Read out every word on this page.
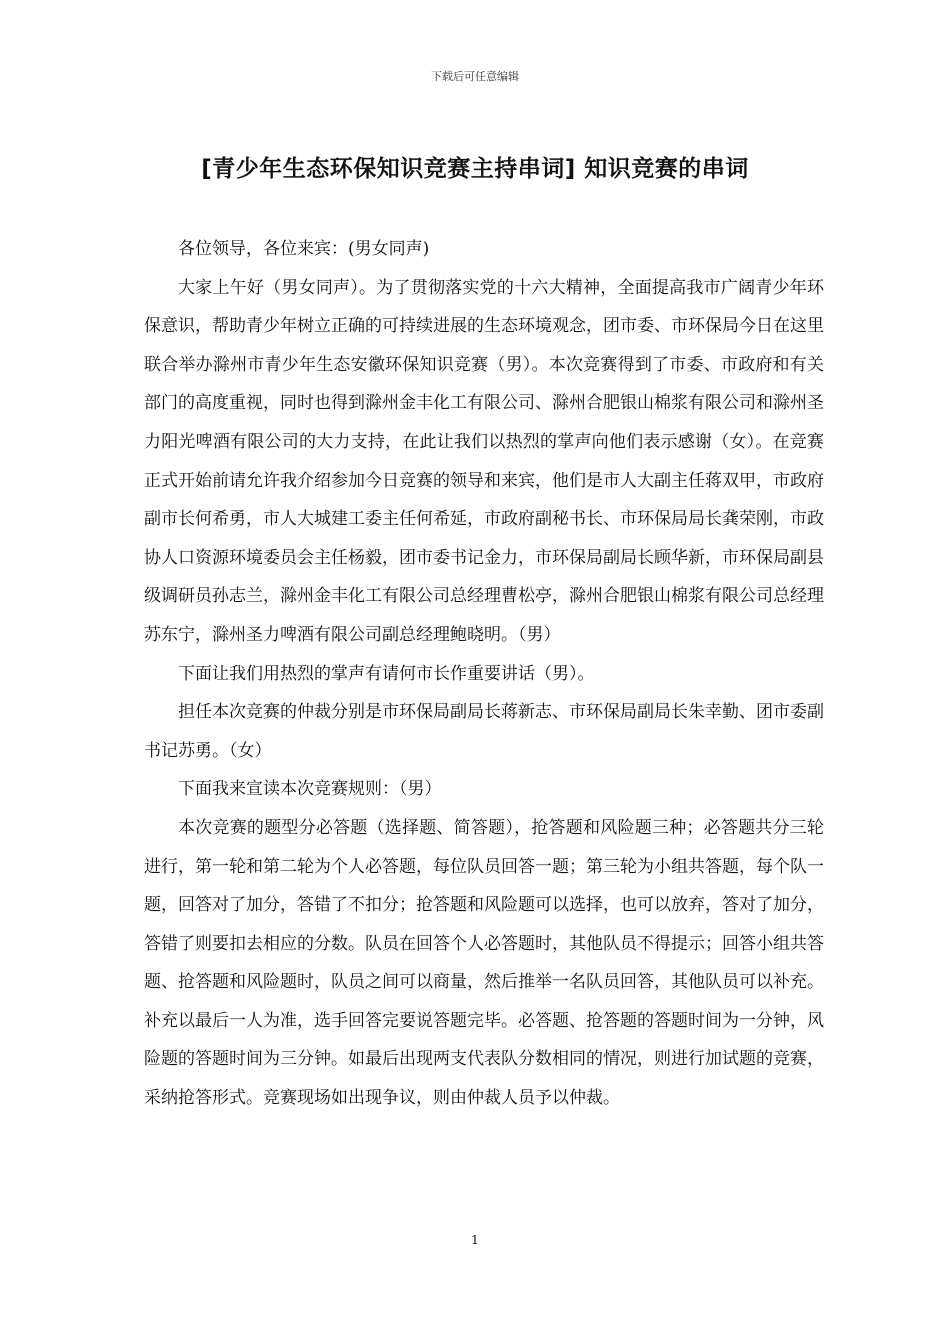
下载后可任意编辑
[青少年生态环保知识竞赛主持串词] 知识竞赛的串词

各位领导，各位来宾：(男女同声)

大家上午好（男女同声）。为了贯彻落实党的十六大精神，全面提高我市广阔青少年环保意识，帮助青少年树立正确的可持续进展的生态环境观念，团市委、市环保局今日在这里联合举办滁州市青少年生态安徽环保知识竞赛（男）。本次竞赛得到了市委、市政府和有关部门的高度重视，同时也得到滁州金丰化工有限公司、滁州合肥银山棉浆有限公司和滁州圣力阳光啤酒有限公司的大力支持，在此让我们以热烈的掌声向他们表示感谢（女）。在竞赛正式开始前请允许我介绍参加今日竞赛的领导和来宾，他们是市人大副主任蒋双甲，市政府副市长何希勇，市人大城建工委主任何希延，市政府副秘书长、市环保局局长龚荣刚，市政协人口资源环境委员会主任杨毅，团市委书记金力，市环保局副局长顾华新，市环保局副县级调研员孙志兰，滁州金丰化工有限公司总经理曹松亭，滁州合肥银山棉浆有限公司总经理苏东宁，滁州圣力啤酒有限公司副总经理鲍晓明。（男）

下面让我们用热烈的掌声有请何市长作重要讲话（男）。

担任本次竞赛的仲裁分别是市环保局副局长蒋新志、市环保局副局长朱幸勤、团市委副书记苏勇。（女）

下面我来宣读本次竞赛规则：（男）

本次竞赛的题型分必答题（选择题、简答题），抢答题和风险题三种；必答题共分三轮进行，第一轮和第二轮为个人必答题，每位队员回答一题；第三轮为小组共答题，每个队一题，回答对了加分，答错了不扣分；抢答题和风险题可以选择，也可以放弃，答对了加分，答错了则要扣去相应的分数。队员在回答个人必答题时，其他队员不得提示；回答小组共答题、抢答题和风险题时，队员之间可以商量，然后推举一名队员回答，其他队员可以补充。补充以最后一人为准，选手回答完要说答题完毕。必答题、抢答题的答题时间为一分钟，风险题的答题时间为三分钟。如最后出现两支代表队分数相同的情况，则进行加试题的竞赛，采纳抢答形式。竞赛现场如出现争议，则由仲裁人员予以仲裁。

1
